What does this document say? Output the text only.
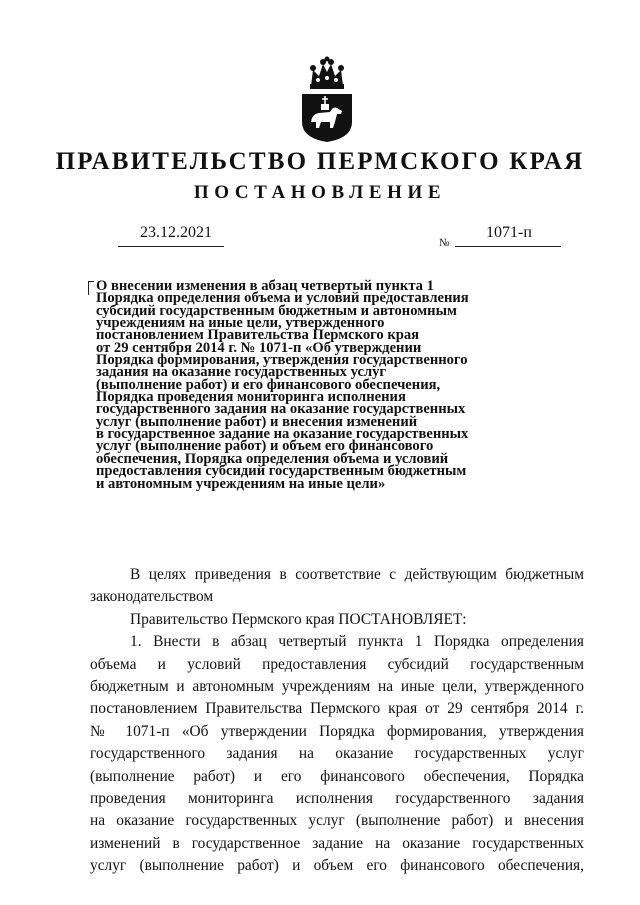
ПРАВИТЕЛЬСТВО ПЕРМСКОГО КРАЯ
ПОСТАНОВЛЕНИЕ
23.12.2021
№
1071-п
О внесении изменения в абзац четвертый пункта 1
Порядка определения объема и условий предоставления
субсидий государственным бюджетным и автономным
учреждениям на иные цели, утвержденного
постановлением Правительства Пермского края
от 29 сентября 2014 г. № 1071-п «Об утверждении
Порядка формирования, утверждения государственного
задания на оказание государственных услуг
(выполнение работ) и его финансового обеспечения,
Порядка проведения мониторинга исполнения
государственного задания на оказание государственных
услуг (выполнение работ) и внесения изменений
в государственное задание на оказание государственных
услуг (выполнение работ) и объем его финансового
обеспечения, Порядка определения объема и условий
предоставления субсидий государственным бюджетным
и автономным учреждениям на иные цели»

В целях приведения в соответствие с действующим бюджетным

законодательством

Правительство Пермского края ПОСТАНОВЛЯЕТ:

1. Внести в абзац четвертый пункта 1 Порядка определения
объема и условий предоставления субсидий государственным
бюджетным и автономным учреждениям на иные цели, утвержденного
постановлением Правительства Пермского края от 29 сентября 2014 г.
№ 1071-п «Об утверждении Порядка формирования, утверждения
государственного задания на оказание государственных услуг
(выполнение работ) и его финансового обеспечения, Порядка
проведения мониторинга исполнения государственного задания
на оказание государственных услуг (выполнение работ) и внесения
изменений в государственное задание на оказание государственных
услуг (выполнение работ) и объем его финансового обеспечения,
